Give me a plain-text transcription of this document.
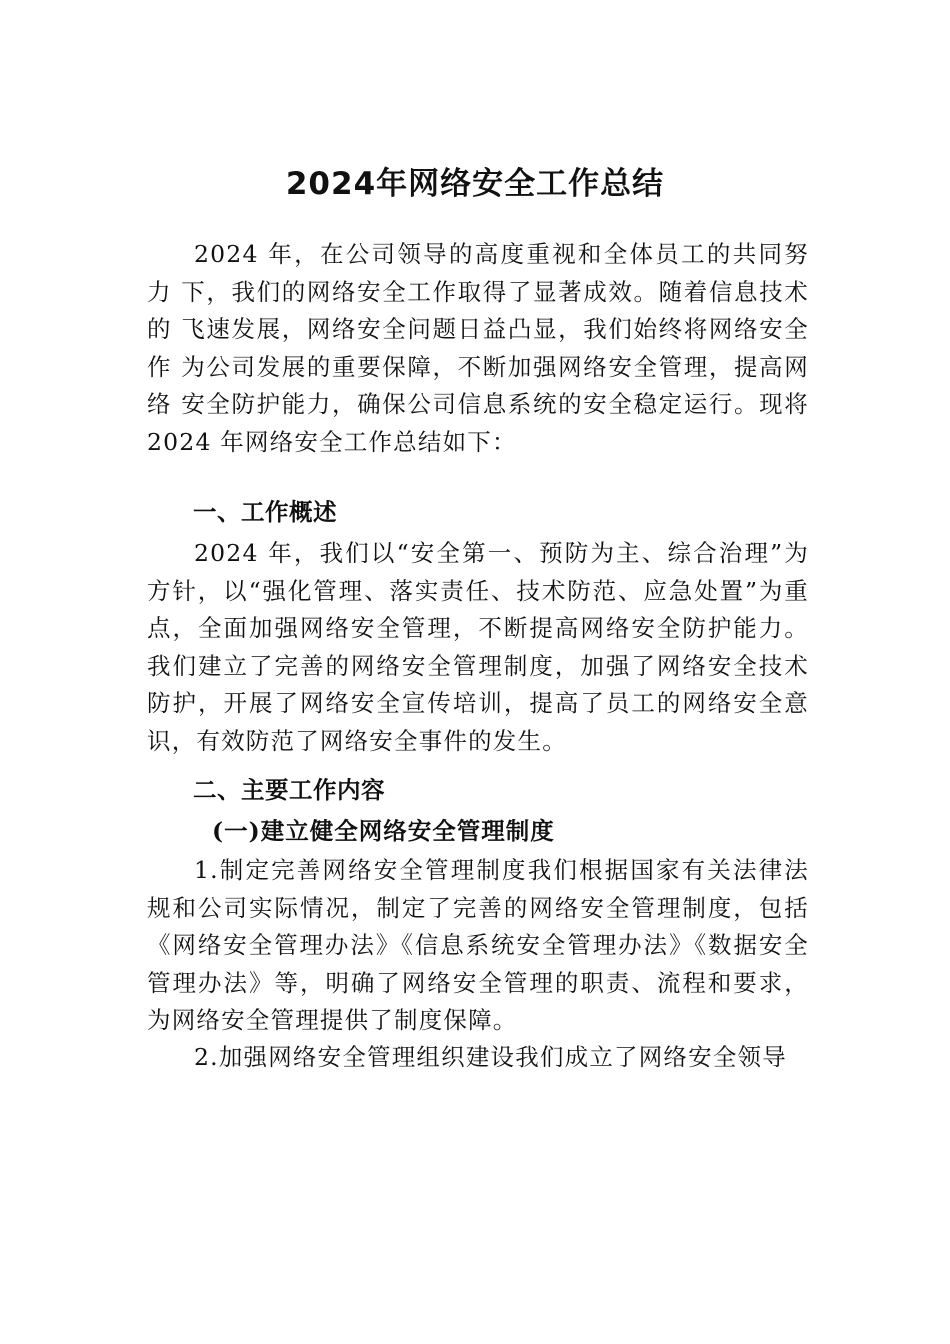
2024年网络安全工作总结
2024 年，在公司领导的高度重视和全体员工的共同努力 下，我们的网络安全工作取得了显著成效。随着信息技术的 飞速发展，网络安全问题日益凸显，我们始终将网络安全作 为公司发展的重要保障，不断加强网络安全管理，提高网络 安全防护能力，确保公司信息系统的安全稳定运行。现将 2024 年网络安全工作总结如下：
一、工作概述
2024 年，我们以“安全第一、预防为主、综合治理”为方针，以“强化管理、落实责任、技术防范、应急处置”为重点，全面加强网络安全管理，不断提高网络安全防护能力。 我们建立了完善的网络安全管理制度，加强了网络安全技术 防护，开展了网络安全宣传培训，提高了员工的网络安全意 识，有效防范了网络安全事件的发生。
二、主要工作内容
(一)建立健全网络安全管理制度
1.制定完善网络安全管理制度我们根据国家有关法律法规和公司实际情况，制定了完善的网络安全管理制度，包括《网络安全管理办法》《信息系统安全管理办法》《数据安全管理办法》等，明确了网络安全管理的职责、流程和要求，为网络安全管理提供了制度保障。
2.加强网络安全管理组织建设我们成立了网络安全领导
